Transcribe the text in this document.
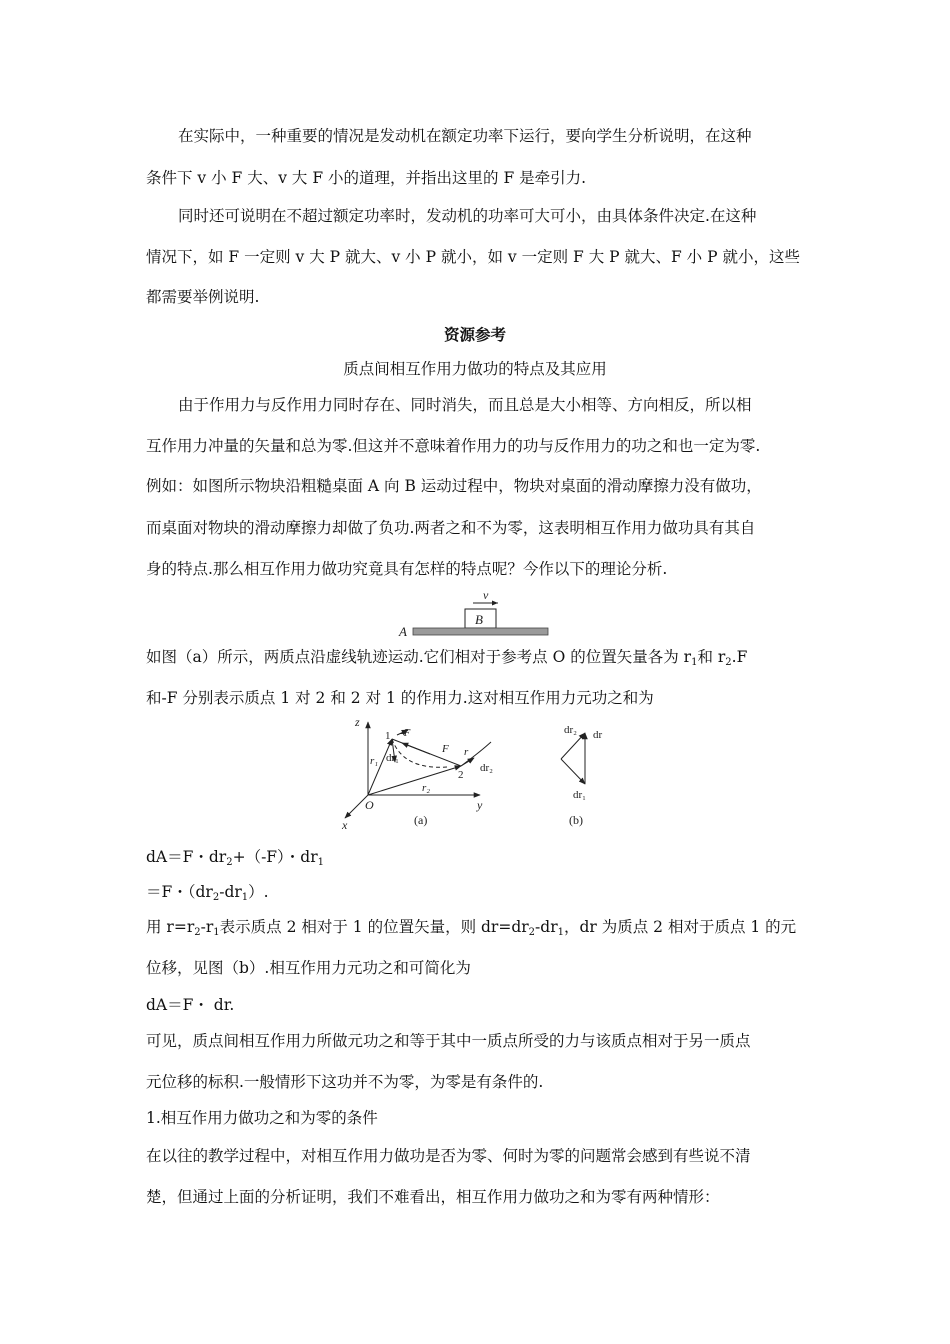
在实际中，一种重要的情况是发动机在额定功率下运行，要向学生分析说明，在这种
条件下 v 小 F 大、v 大 F 小的道理，并指出这里的 F 是牵引力.
同时还可说明在不超过额定功率时，发动机的功率可大可小，由具体条件决定.在这种
情况下，如 F 一定则 v 大 P 就大、v 小 P 就小，如 v 一定则 F 大 P 就大、F 小 P 就小，这些
都需要举例说明.
资源参考
质点间相互作用力做功的特点及其应用
由于作用力与反作用力同时存在、同时消失，而且总是大小相等、方向相反，所以相
互作用力冲量的矢量和总为零.但这并不意味着作用力的功与反作用力的功之和也一定为零.
例如：如图所示物块沿粗糙桌面 A 向 B 运动过程中，物块对桌面的滑动摩擦力没有做功，
而桌面对物块的滑动摩擦力却做了负功.两者之和不为零，这表明相互作用力做功具有其自
身的特点.那么相互作用力做功究竟具有怎样的特点呢？今作以下的理论分析.
v
B
A
如图（a）所示，两质点沿虚线轨迹运动.它们相对于参考点 O 的位置矢量各为 $r_1$和 $r_2.F$
和-F 分别表示质点 1 对 2 和 2 对 1 的作用力.这对相互作用力元功之和为
z
y
x
O
r₁
r₂
-F
F r
1
2
dr₁
dr₂
(a)
dr₂ dr
dr₁
(b)
dA＝F・$dr_2+(-F)$・$dr_1$
＝F・$(dr_2-dr_1)$.
用 $r=r_2-r_1$表示质点 2 相对于 1 的位置矢量，则 $dr=dr_2-dr_1$，dr 为质点 2 相对于质点 1 的元
位移，见图（b）.相互作用力元功之和可简化为
dA＝F・ dr.
可见，质点间相互作用力所做元功之和等于其中一质点所受的力与该质点相对于另一质点
元位移的标积.一般情形下这功并不为零，为零是有条件的.
1.相互作用力做功之和为零的条件
在以往的教学过程中，对相互作用力做功是否为零、何时为零的问题常会感到有些说不清
楚，但通过上面的分析证明，我们不难看出，相互作用力做功之和为零有两种情形：
